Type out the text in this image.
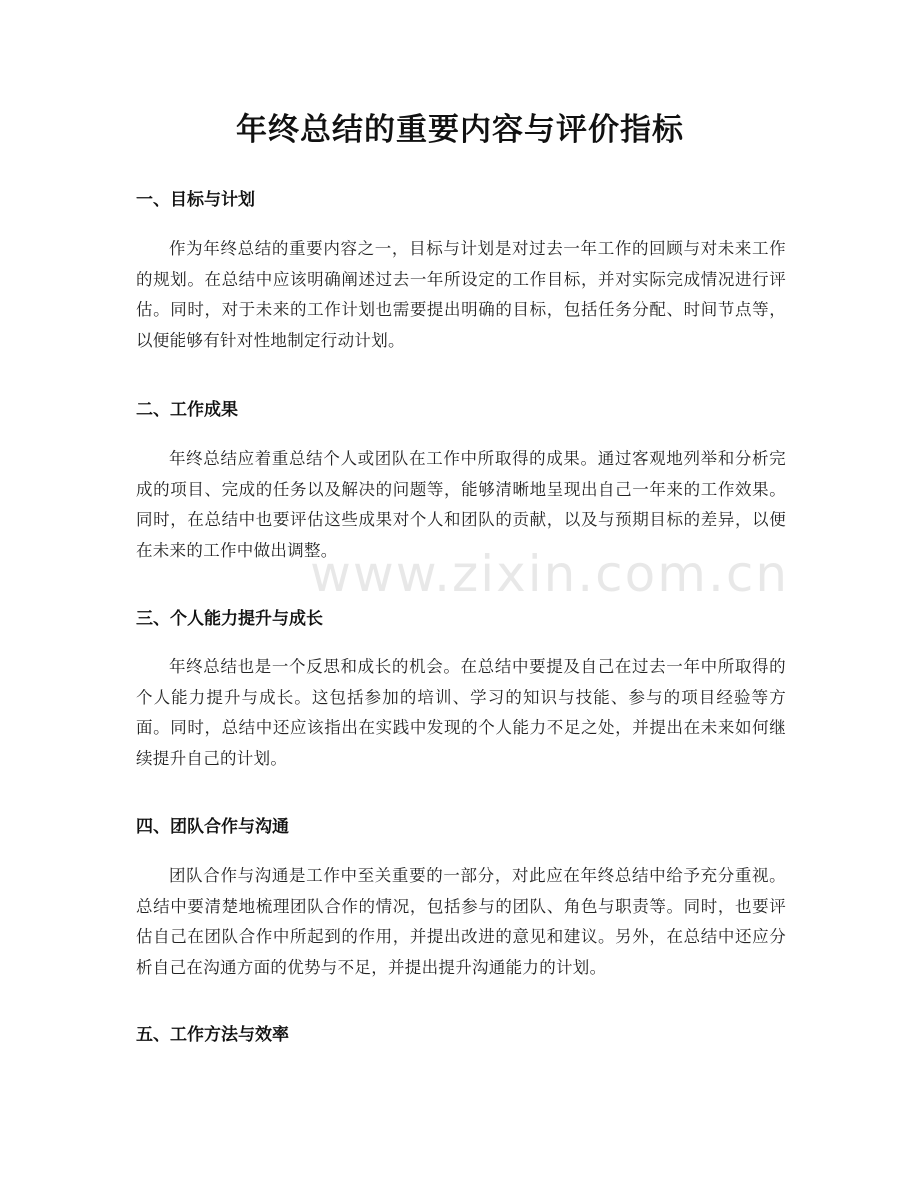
年终总结的重要内容与评价指标
一、目标与计划

作为年终总结的重要内容之一，目标与计划是对过去一年工作的回顾与对未来工作的规划。在总结中应该明确阐述过去一年所设定的工作目标，并对实际完成情况进行评估。同时，对于未来的工作计划也需要提出明确的目标，包括任务分配、时间节点等，以便能够有针对性地制定行动计划。

二、工作成果

年终总结应着重总结个人或团队在工作中所取得的成果。通过客观地列举和分析完成的项目、完成的任务以及解决的问题等，能够清晰地呈现出自己一年来的工作效果。同时，在总结中也要评估这些成果对个人和团队的贡献，以及与预期目标的差异，以便在未来的工作中做出调整。

三、个人能力提升与成长

年终总结也是一个反思和成长的机会。在总结中要提及自己在过去一年中所取得的个人能力提升与成长。这包括参加的培训、学习的知识与技能、参与的项目经验等方面。同时，总结中还应该指出在实践中发现的个人能力不足之处，并提出在未来如何继续提升自己的计划。

四、团队合作与沟通

团队合作与沟通是工作中至关重要的一部分，对此应在年终总结中给予充分重视。总结中要清楚地梳理团队合作的情况，包括参与的团队、角色与职责等。同时，也要评估自己在团队合作中所起到的作用，并提出改进的意见和建议。另外，在总结中还应分析自己在沟通方面的优势与不足，并提出提升沟通能力的计划。

五、工作方法与效率
www.zixin.com.cn
